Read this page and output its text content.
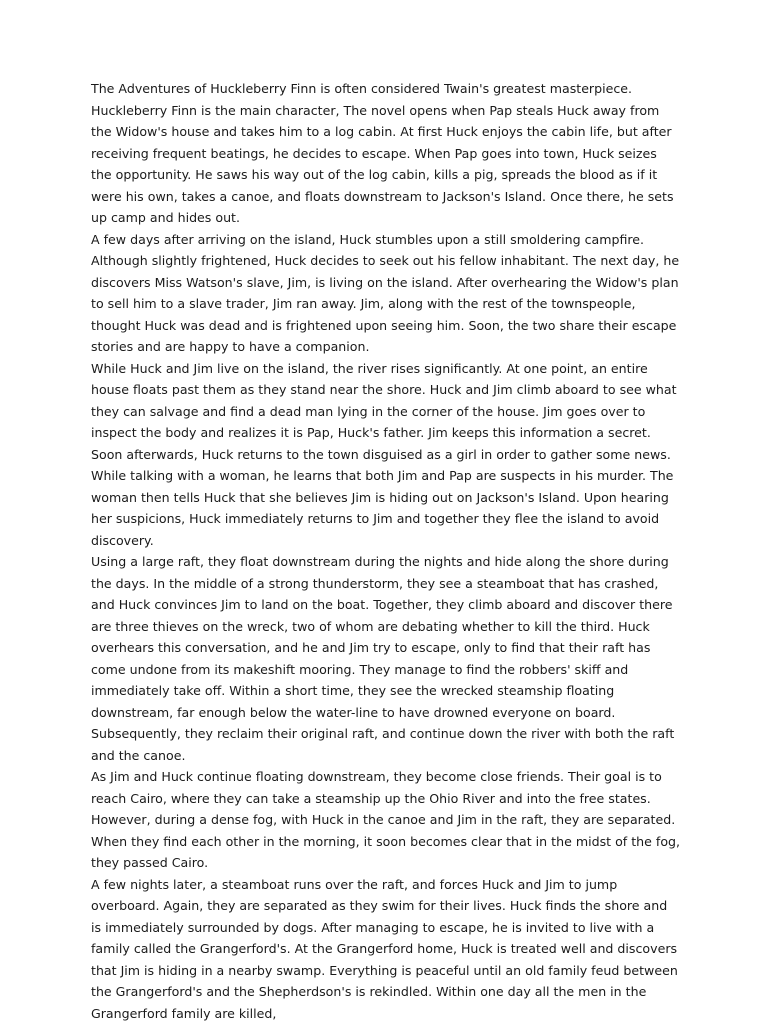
The Adventures of Huckleberry Finn is often considered Twain's greatest masterpiece. Huckleberry Finn is the main character, The novel opens when Pap steals Huck away from the Widow's house and takes him to a log cabin. At first Huck enjoys the cabin life, but after receiving frequent beatings, he decides to escape. When Pap goes into town, Huck seizes the opportunity. He saws his way out of the log cabin, kills a pig, spreads the blood as if it were his own, takes a canoe, and floats downstream to Jackson's Island. Once there, he sets up camp and hides out.

A few days after arriving on the island, Huck stumbles upon a still smoldering campfire. Although slightly frightened, Huck decides to seek out his fellow inhabitant. The next day, he discovers Miss Watson's slave, Jim, is living on the island. After overhearing the Widow's plan to sell him to a slave trader, Jim ran away. Jim, along with the rest of the townspeople, thought Huck was dead and is frightened upon seeing him. Soon, the two share their escape stories and are happy to have a companion.

While Huck and Jim live on the island, the river rises significantly. At one point, an entire house floats past them as they stand near the shore. Huck and Jim climb aboard to see what they can salvage and find a dead man lying in the corner of the house. Jim goes over to inspect the body and realizes it is Pap, Huck's father. Jim keeps this information a secret.

Soon afterwards, Huck returns to the town disguised as a girl in order to gather some news. While talking with a woman, he learns that both Jim and Pap are suspects in his murder. The woman then tells Huck that she believes Jim is hiding out on Jackson's Island. Upon hearing her suspicions, Huck immediately returns to Jim and together they flee the island to avoid discovery.

Using a large raft, they float downstream during the nights and hide along the shore during the days. In the middle of a strong thunderstorm, they see a steamboat that has crashed, and Huck convinces Jim to land on the boat. Together, they climb aboard and discover there are three thieves on the wreck, two of whom are debating whether to kill the third. Huck overhears this conversation, and he and Jim try to escape, only to find that their raft has come undone from its makeshift mooring. They manage to find the robbers' skiff and immediately take off. Within a short time, they see the wrecked steamship floating downstream, far enough below the water-line to have drowned everyone on board. Subsequently, they reclaim their original raft, and continue down the river with both the raft and the canoe.

As Jim and Huck continue floating downstream, they become close friends. Their goal is to reach Cairo, where they can take a steamship up the Ohio River and into the free states. However, during a dense fog, with Huck in the canoe and Jim in the raft, they are separated. When they find each other in the morning, it soon becomes clear that in the midst of the fog, they passed Cairo.

A few nights later, a steamboat runs over the raft, and forces Huck and Jim to jump overboard. Again, they are separated as they swim for their lives. Huck finds the shore and is immediately surrounded by dogs. After managing to escape, he is invited to live with a family called the Grangerford's. At the Grangerford home, Huck is treated well and discovers that Jim is hiding in a nearby swamp. Everything is peaceful until an old family feud between the Grangerford's and the Shepherdson's is rekindled. Within one day all the men in the Grangerford family are killed,
